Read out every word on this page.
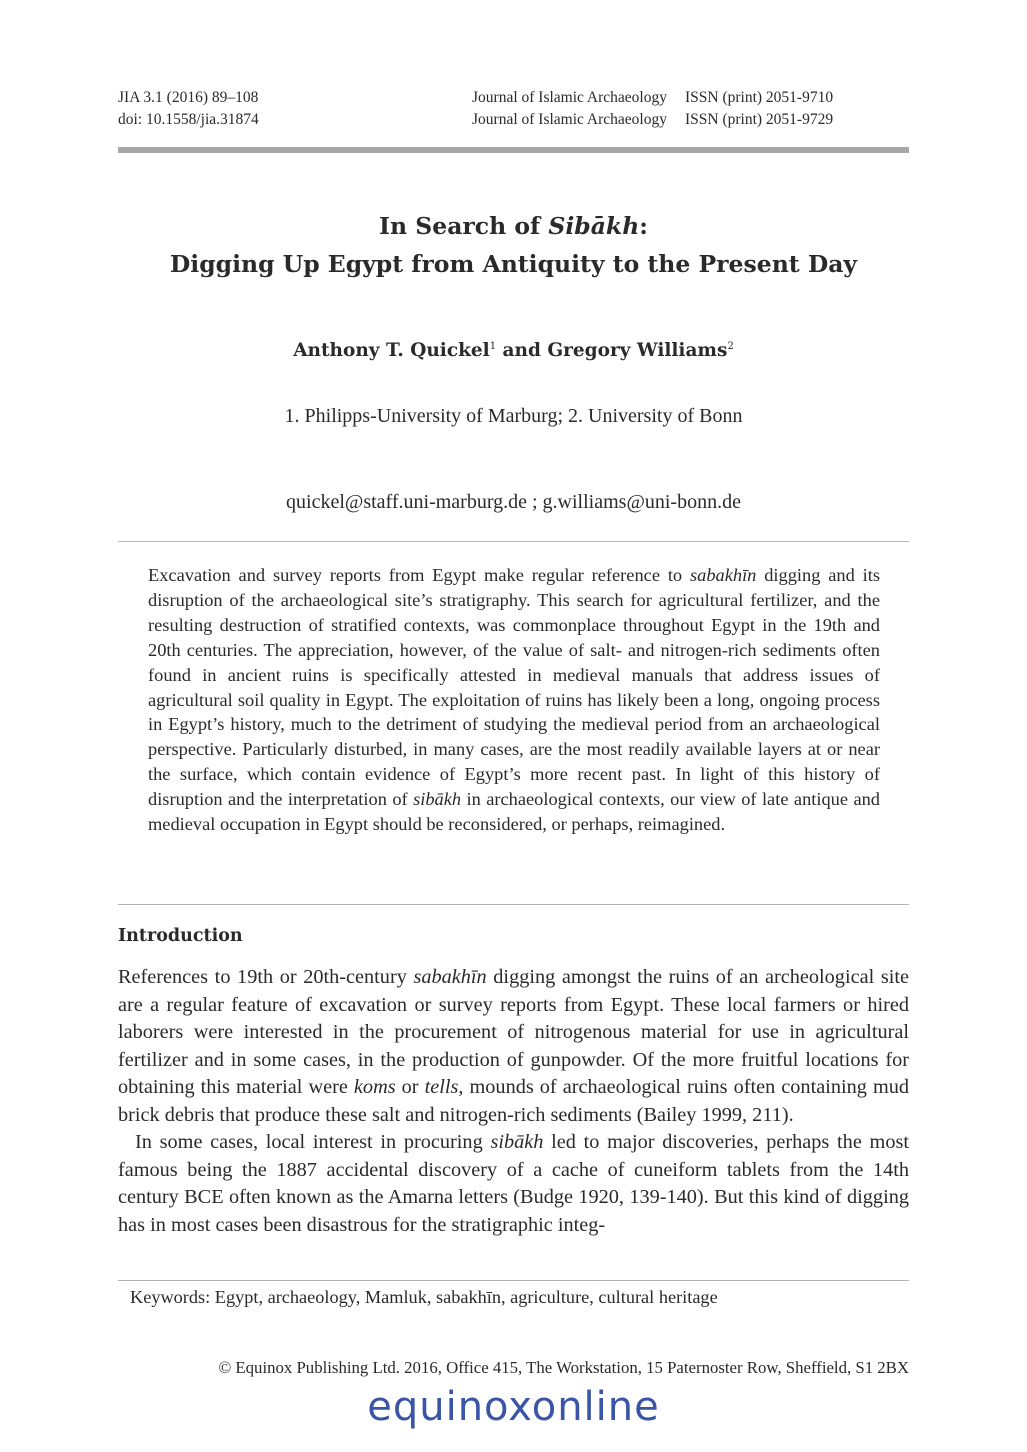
JIA 3.1 (2016) 89–108
doi: 10.1558/jia.31874
Journal of Islamic Archaeology ISSN (print) 2051-9710
Journal of Islamic Archaeology ISSN (print) 2051-9729
In Search of Sibākh:
Digging Up Egypt from Antiquity to the Present Day
Anthony T. Quickel$^1$ and Gregory Williams$^2$
1. Philipps-University of Marburg; 2. University of Bonn
quickel@staff.uni-marburg.de ; g.williams@uni-bonn.de
Excavation and survey reports from Egypt make regular reference to sabakhīn digging and its disruption of the archaeological site’s stratigraphy. This search for agricultural fertilizer, and the resulting destruction of stratified contexts, was commonplace throughout Egypt in the 19th and 20th centuries. The appreciation, however, of the value of salt- and nitrogen-rich sediments often found in ancient ruins is specifically attested in medieval manuals that address issues of agricultural soil quality in Egypt. The exploitation of ruins has likely been a long, ongoing process in Egypt’s history, much to the detriment of studying the medieval period from an archaeological perspective. Particularly disturbed, in many cases, are the most readily available layers at or near the surface, which contain evidence of Egypt’s more recent past. In light of this history of disruption and the interpretation of sibākh in archaeological contexts, our view of late antique and medieval occupation in Egypt should be reconsidered, or perhaps, reimagined.
Introduction

References to 19th or 20th-century sabakhīn digging amongst the ruins of an archeological site are a regular feature of excavation or survey reports from Egypt. These local farmers or hired laborers were interested in the procurement of nitrogenous material for use in agricultural fertilizer and in some cases, in the production of gunpowder. Of the more fruitful locations for obtaining this material were koms or tells, mounds of archaeological ruins often containing mud brick debris that produce these salt and nitrogen-rich sediments (Bailey 1999, 211).

In some cases, local interest in procuring sibākh led to major discoveries, perhaps the most famous being the 1887 accidental discovery of a cache of cuneiform tablets from the 14th century BCE often known as the Amarna letters (Budge 1920, 139-140). But this kind of digging has in most cases been disastrous for the stratigraphic integ-

Keywords: Egypt, archaeology, Mamluk, sabakhīn, agriculture, cultural heritage
© Equinox Publishing Ltd. 2016, Office 415, The Workstation, 15 Paternoster Row, Sheffield, S1 2BX
equinoxonline
